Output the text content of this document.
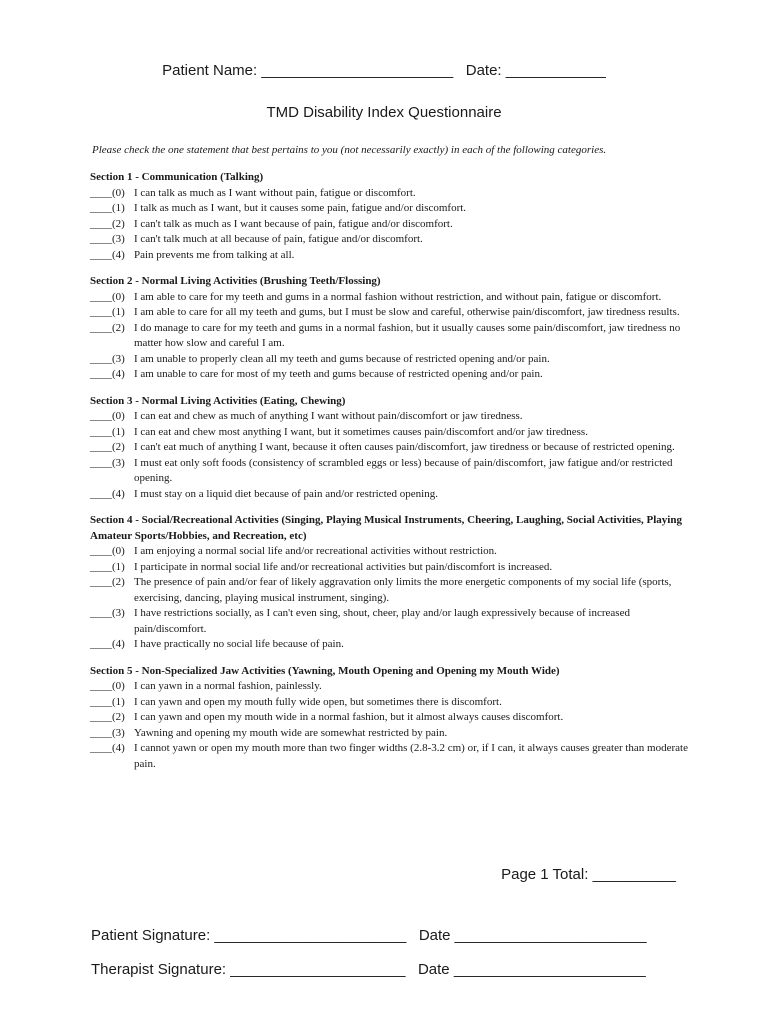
Patient Name: _______________________ Date: ____________
TMD Disability Index Questionnaire
Please check the one statement that best pertains to you (not necessarily exactly) in each of the following categories.
Section 1 - Communication (Talking)
____ (0) I can talk as much as I want without pain, fatigue or discomfort.
____ (1) I talk as much as I want, but it causes some pain, fatigue and/or discomfort.
____ (2) I can't talk as much as I want because of pain, fatigue and/or discomfort.
____ (3) I can't talk much at all because of pain, fatigue and/or discomfort.
____ (4) Pain prevents me from talking at all.
Section 2 - Normal Living Activities (Brushing Teeth/Flossing)
____ (0) I am able to care for my teeth and gums in a normal fashion without restriction, and without pain, fatigue or discomfort.
____ (1) I am able to care for all my teeth and gums, but I must be slow and careful, otherwise pain/discomfort, jaw tiredness results.
____ (2) I do manage to care for my teeth and gums in a normal fashion, but it usually causes some pain/discomfort, jaw tiredness no matter how slow and careful I am.
____ (3) I am unable to properly clean all my teeth and gums because of restricted opening and/or pain.
____ (4) I am unable to care for most of my teeth and gums because of restricted opening and/or pain.
Section 3 - Normal Living Activities (Eating, Chewing)
____ (0) I can eat and chew as much of anything I want without pain/discomfort or jaw tiredness.
____ (1) I can eat and chew most anything I want, but it sometimes causes pain/discomfort and/or jaw tiredness.
____ (2) I can't eat much of anything I want, because it often causes pain/discomfort, jaw tiredness or because of restricted opening.
____ (3) I must eat only soft foods (consistency of scrambled eggs or less) because of pain/discomfort, jaw fatigue and/or restricted opening.
____ (4) I must stay on a liquid diet because of pain and/or restricted opening.
Section 4 - Social/Recreational Activities (Singing, Playing Musical Instruments, Cheering, Laughing, Social Activities, Playing Amateur Sports/Hobbies, and Recreation, etc)
____ (0) I am enjoying a normal social life and/or recreational activities without restriction.
____ (1) I participate in normal social life and/or recreational activities but pain/discomfort is increased.
____ (2) The presence of pain and/or fear of likely aggravation only limits the more energetic components of my social life (sports, exercising, dancing, playing musical instrument, singing).
____ (3) I have restrictions socially, as I can't even sing, shout, cheer, play and/or laugh expressively because of increased pain/discomfort.
____ (4) I have practically no social life because of pain.
Section 5 - Non-Specialized Jaw Activities (Yawning, Mouth Opening and Opening my Mouth Wide)
____ (0) I can yawn in a normal fashion, painlessly.
____ (1) I can yawn and open my mouth fully wide open, but sometimes there is discomfort.
____ (2) I can yawn and open my mouth wide in a normal fashion, but it almost always causes discomfort.
____ (3) Yawning and opening my mouth wide are somewhat restricted by pain.
____ (4) I cannot yawn or open my mouth more than two finger widths (2.8-3.2 cm) or, if I can, it always causes greater than moderate pain.
Page 1 Total: __________
Patient Signature: _______________________ Date _______________________
Therapist Signature: _____________________ Date _______________________
